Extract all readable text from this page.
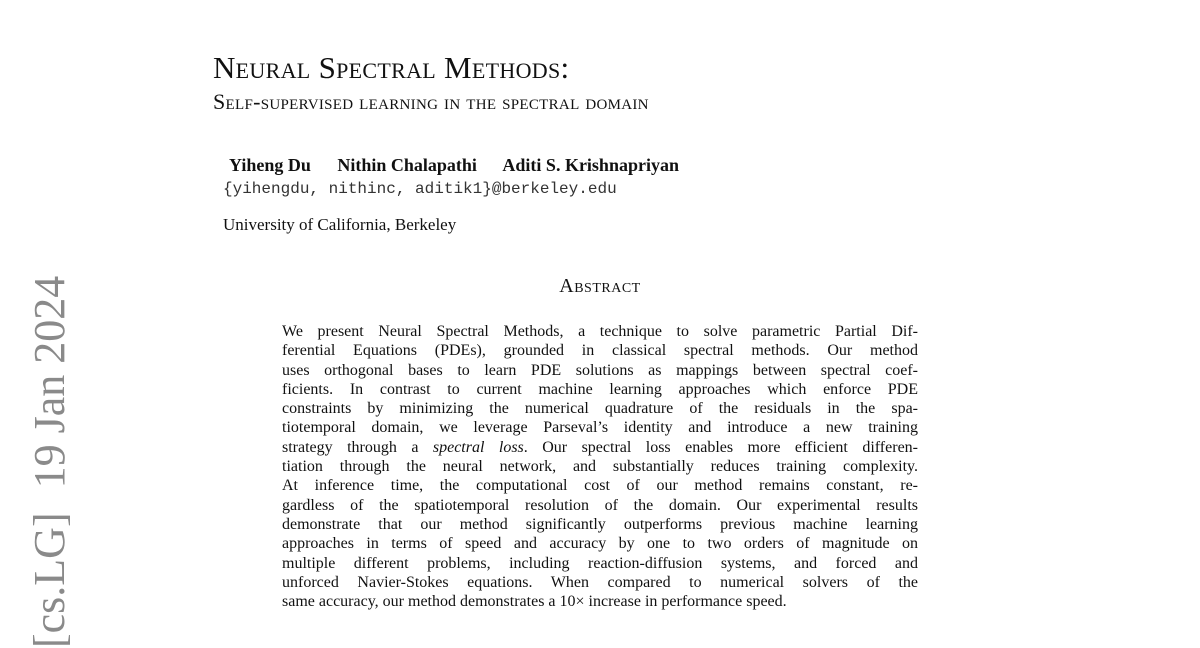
Neural Spectral Methods:
Self-supervised learning in the spectral domain
Yiheng Du Nithin Chalapathi Aditi S. Krishnapriyan
{yihengdu, nithinc, aditik1}@berkeley.edu
University of California, Berkeley
Abstract
We present Neural Spectral Methods, a technique to solve parametric Partial Dif-
ferential Equations (PDEs), grounded in classical spectral methods. Our method
uses orthogonal bases to learn PDE solutions as mappings between spectral coef-
ficients. In contrast to current machine learning approaches which enforce PDE
constraints by minimizing the numerical quadrature of the residuals in the spa-
tiotemporal domain, we leverage Parseval’s identity and introduce a new training
strategy through a spectral loss. Our spectral loss enables more efficient differen-
tiation through the neural network, and substantially reduces training complexity.
At inference time, the computational cost of our method remains constant, re-
gardless of the spatiotemporal resolution of the domain. Our experimental results
demonstrate that our method significantly outperforms previous machine learning
approaches in terms of speed and accuracy by one to two orders of magnitude on
multiple different problems, including reaction-diffusion systems, and forced and
unforced Navier-Stokes equations. When compared to numerical solvers of the
same accuracy, our method demonstrates a 10× increase in performance speed.
[cs.LG]19 Jan 2024
